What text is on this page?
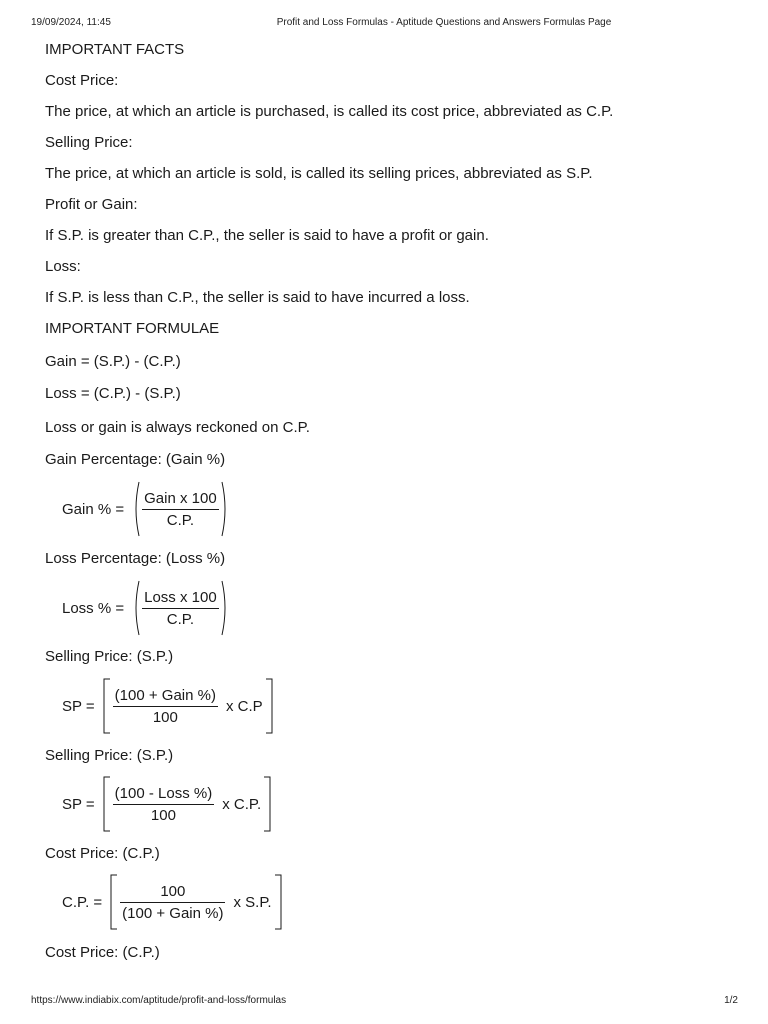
19/09/2024, 11:45	Profit and Loss Formulas - Aptitude Questions and Answers Formulas Page
IMPORTANT FACTS
Cost Price:
The price, at which an article is purchased, is called its cost price, abbreviated as C.P.
Selling Price:
The price, at which an article is sold, is called its selling prices, abbreviated as S.P.
Profit or Gain:
If S.P. is greater than C.P., the seller is said to have a profit or gain.
Loss:
If S.P. is less than C.P., the seller is said to have incurred a loss.
IMPORTANT FORMULAE
Gain = (S.P.) - (C.P.)
Loss = (C.P.) - (S.P.)
Loss or gain is always reckoned on C.P.
Gain Percentage: (Gain %)
Gain % = $\frac{\text{Gain x 100}}{C.P.}$
Loss Percentage: (Loss %)
Loss % = $\frac{\text{Loss x 100}}{C.P.}$
Selling Price: (S.P.)
SP = $\frac{\text{(100 + Gain \%)}}{100}$ x C.P
Selling Price: (S.P.)
SP = $\frac{\text{(100 - Loss \%)}}{100}$ x C.P.
Cost Price: (C.P.)
C.P. = $\frac{100}{\text{(100 + Gain \%)}}$ x S.P.
Cost Price: (C.P.)
https://www.indiabix.com/aptitude/profit-and-loss/formulas	1/2
